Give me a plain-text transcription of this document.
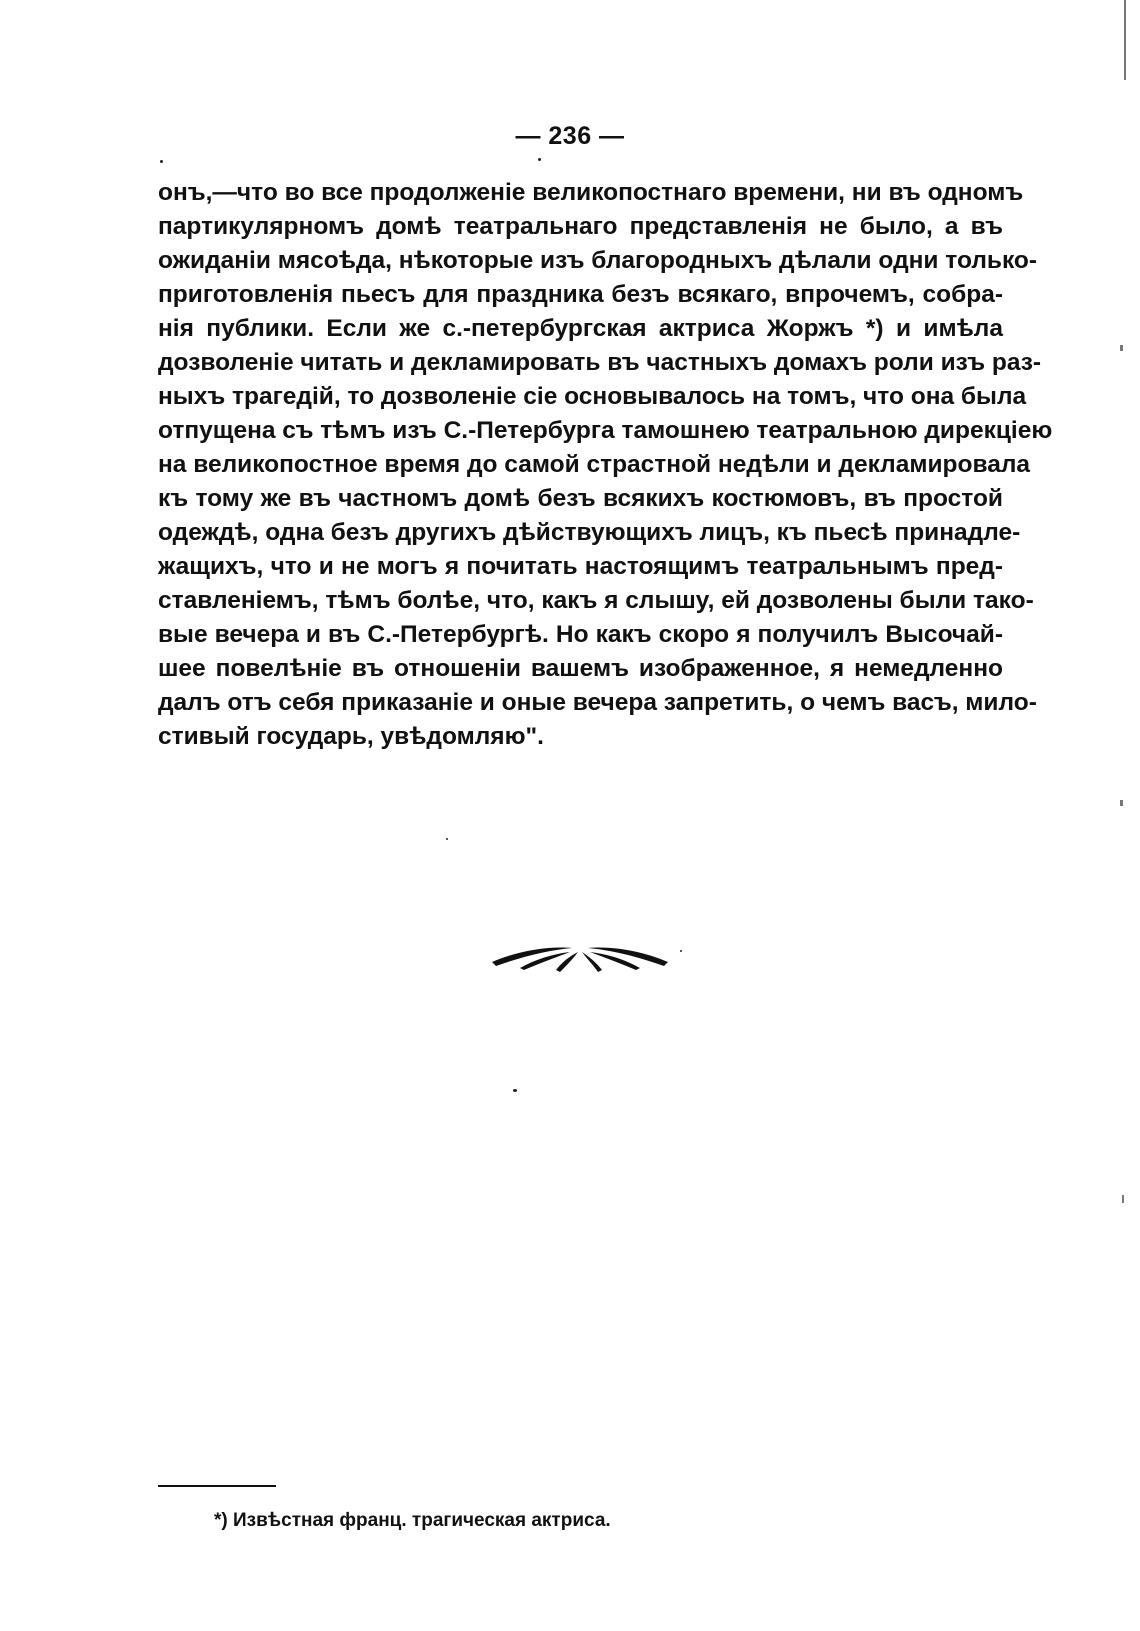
— 236 —
онъ,—что во все продолженіе великопостнаго времени, ни въ одномъ
партикулярномъ домѣ театральнаго представленія не было, а въ
ожиданіи мясоѣда, нѣкоторые изъ благородныхъ дѣлали одни только-
приготовленія пьесъ для праздника безъ всякаго, впрочемъ, собра-
нія публики. Если же с.-петербургская актриса Жоржъ *) и имѣла
дозволеніе читать и декламировать въ частныхъ домахъ роли изъ раз-
ныхъ трагедій, то дозволеніе сіе основывалось на томъ, что она была
отпущена съ тѣмъ изъ С.-Петербурга тамошнею театральною дирекціею
на великопостное время до самой страстной недѣли и декламировала
къ тому же въ частномъ домѣ безъ всякихъ костюмовъ, въ простой
одеждѣ, одна безъ другихъ дѣйствующихъ лицъ, къ пьесѣ принадле-
жащихъ, что и не могъ я почитать настоящимъ театральнымъ пред-
ставленіемъ, тѣмъ болѣе, что, какъ я слышу, ей дозволены были тако-
вые вечера и въ С.-Петербургѣ. Но какъ скоро я получилъ Высочай-
шее повелѣніе въ отношеніи вашемъ изображенное, я немедленно
далъ отъ себя приказаніе и оные вечера запретить, о чемъ васъ, мило-
стивый государь, увѣдомляю".
*) Извѣстная франц. трагическая актриса.
